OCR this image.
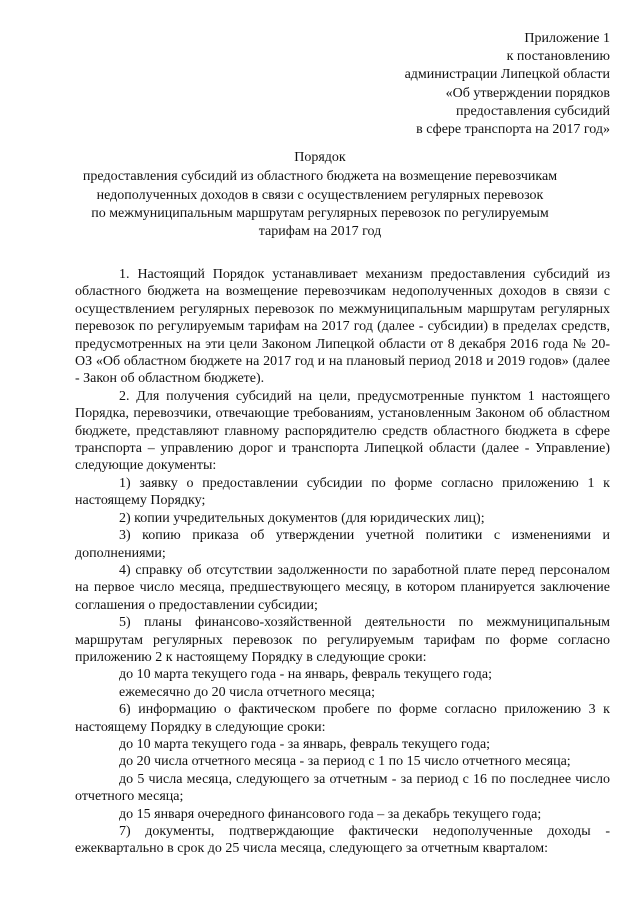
Приложение 1
к постановлению
администрации Липецкой области
«Об утверждении порядков
предоставления субсидий
в сфере транспорта на 2017 год»
Порядок
предоставления субсидий из областного бюджета на возмещение перевозчикам
недополученных доходов в связи с осуществлением регулярных перевозок
по межмуниципальным маршрутам регулярных перевозок по регулируемым
тарифам на 2017 год

1. Настоящий Порядок устанавливает механизм предоставления субсидий из областного бюджета на возмещение перевозчикам недополученных доходов в связи с осуществлением регулярных перевозок по межмуниципальным маршрутам регулярных перевозок по регулируемым тарифам на 2017 год (далее - субсидии) в пределах средств, предусмотренных на эти цели Законом Липецкой области от 8 декабря 2016 года № 20-ОЗ «Об областном бюджете на 2017 год и на плановый период 2018 и 2019 годов» (далее - Закон об областном бюджете).

2. Для получения субсидий на цели, предусмотренные пунктом 1 настоящего Порядка, перевозчики, отвечающие требованиям, установленным Законом об областном бюджете, представляют главному распорядителю средств областного бюджета в сфере транспорта – управлению дорог и транспорта Липецкой области (далее - Управление) следующие документы:

1) заявку о предоставлении субсидии по форме согласно приложению 1 к настоящему Порядку;

2) копии учредительных документов (для юридических лиц);

3) копию приказа об утверждении учетной политики с изменениями и дополнениями;

4) справку об отсутствии задолженности по заработной плате перед персоналом на первое число месяца, предшествующего месяцу, в котором планируется заключение соглашения о предоставлении субсидии;

5) планы финансово-хозяйственной деятельности по межмуниципальным маршрутам регулярных перевозок по регулируемым тарифам по форме согласно приложению 2 к настоящему Порядку в следующие сроки:

до 10 марта текущего года - на январь, февраль текущего года;

ежемесячно до 20 числа отчетного месяца;

6) информацию о фактическом пробеге по форме согласно приложению 3 к настоящему Порядку в следующие сроки:

до 10 марта текущего года - за январь, февраль текущего года;

до 20 числа отчетного месяца - за период с 1 по 15 число отчетного месяца;

до 5 числа месяца, следующего за отчетным - за период с 16 по последнее число отчетного месяца;

до 15 января очередного финансового года – за декабрь текущего года;

7) документы, подтверждающие фактически недополученные доходы - ежеквартально в срок до 25 числа месяца, следующего за отчетным кварталом:
